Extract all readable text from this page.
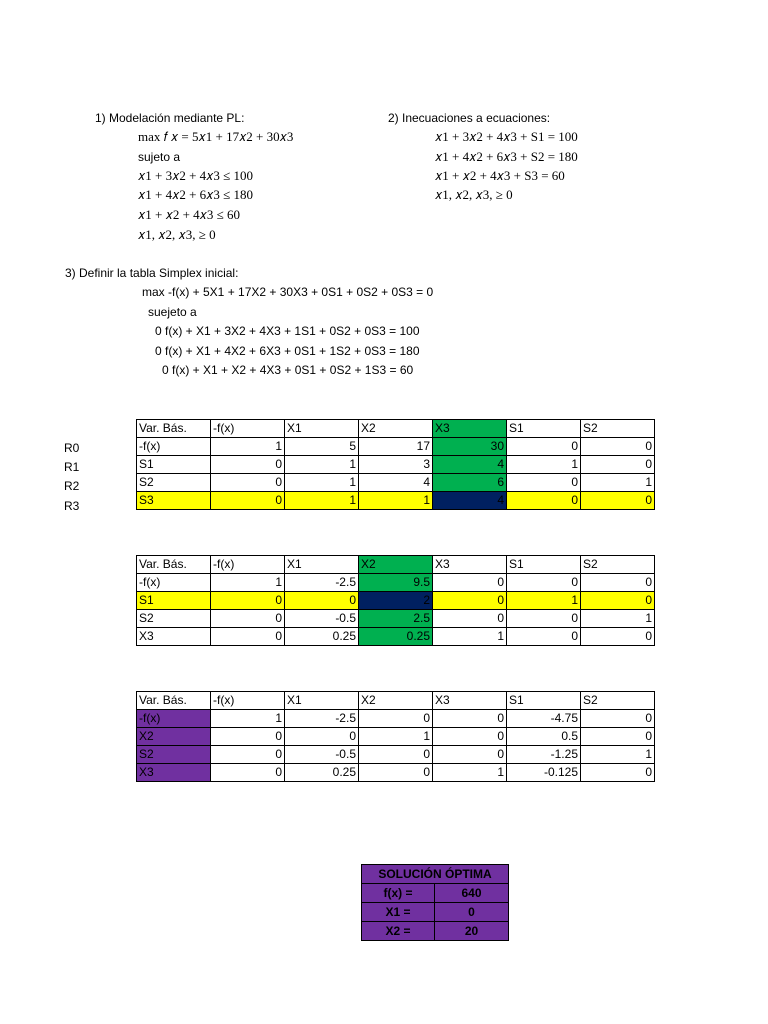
1) Modelación mediante PL:
max 𝑓 𝑥 = 5𝑥1 + 17𝑥2 + 30𝑥3
sujeto a
𝑥1 + 3𝑥2 + 4𝑥3 ≤ 100
𝑥1 + 4𝑥2 + 6𝑥3 ≤ 180
𝑥1 + 𝑥2 + 4𝑥3 ≤ 60
𝑥1, 𝑥2, 𝑥3, ≥ 0
2) Inecuaciones a ecuaciones:
𝑥1 + 3𝑥2 + 4𝑥3 + S1 = 100
𝑥1 + 4𝑥2 + 6𝑥3 + S2 = 180
𝑥1 + 𝑥2 + 4𝑥3 + S3 = 60
𝑥1, 𝑥2, 𝑥3, ≥ 0
3) Definir la tabla Simplex inicial:
max -f(x) + 5X1 + 17X2 + 30X3 + 0S1 + 0S2 + 0S3 = 0
suejeto a
0 f(x) + X1 + 3X2 + 4X3 + 1S1 + 0S2 + 0S3 = 100
0 f(x) + X1 + 4X2 + 6X3 + 0S1 + 1S2 + 0S3 = 180
0 f(x) + X1 + X2 + 4X3 + 0S1 + 0S2 + 1S3 = 60
R0
R1
R2
R3
Var. Bás.	-f(x)	X1	X2	X3	S1	S2
-f(x)	1	5	17	30	0	0
S1	0	1	3	4	1	0
S2	0	1	4	6	0	1
S3	0	1	1	4	0	0
Var. Bás.	-f(x)	X1	X2	X3	S1	S2
-f(x)	1	-2.5	9.5	0	0	0
S1	0	0	2	0	1	0
S2	0	-0.5	2.5	0	0	1
X3	0	0.25	0.25	1	0	0
Var. Bás.	-f(x)	X1	X2	X3	S1	S2
-f(x)	1	-2.5	0	0	-4.75	0
X2	0	0	1	0	0.5	0
S2	0	-0.5	0	0	-1.25	1
X3	0	0.25	0	1	-0.125	0
SOLUCIÓN ÓPTIMA	
f(x) =	640
X1 =	0
X2 =	20
